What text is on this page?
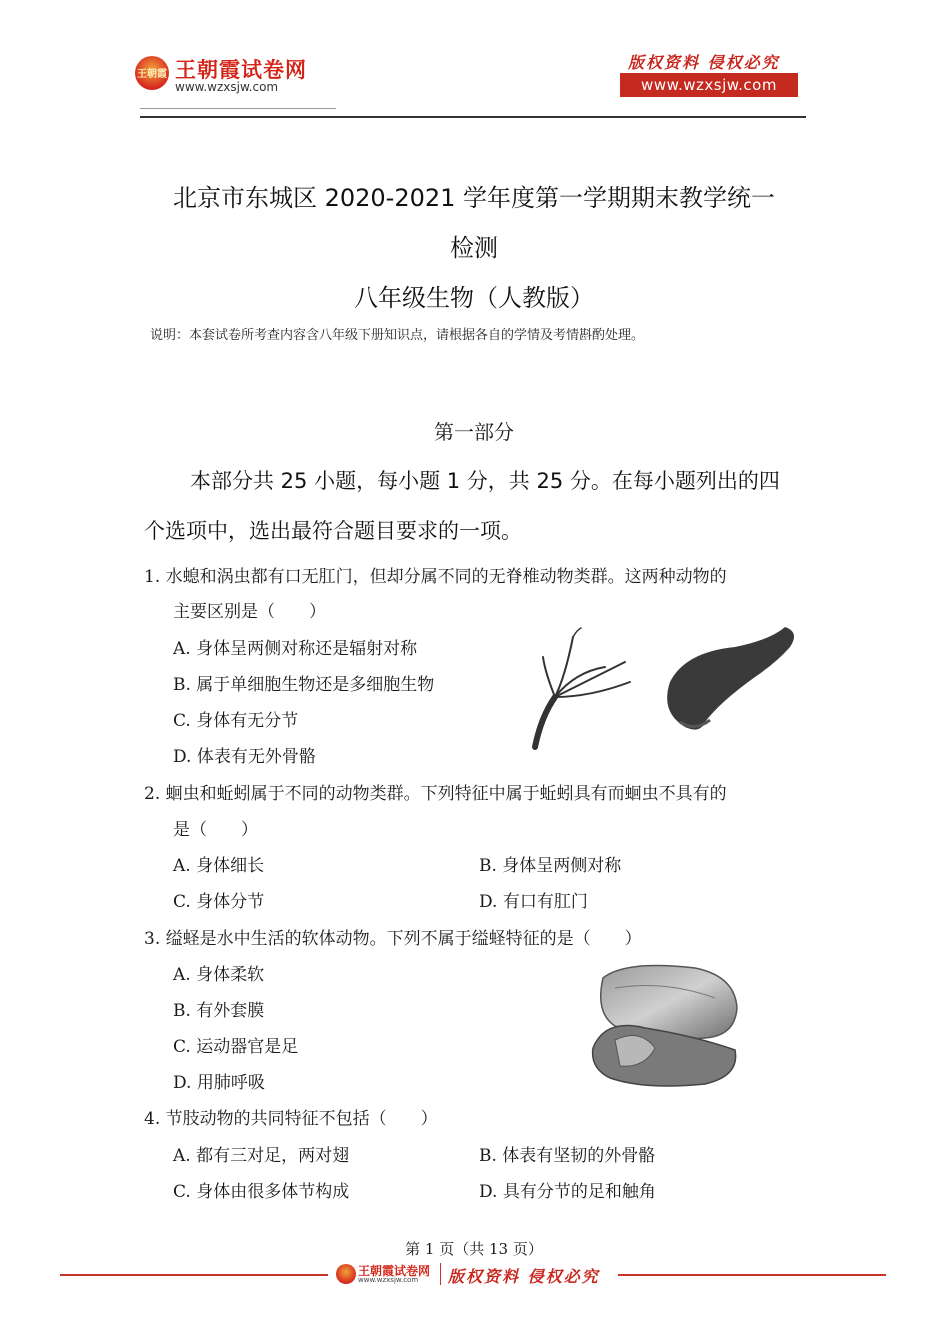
王朝霞 王朝霞试卷网
www.wzxsjw.com
版权资料 侵权必究
www.wzxsjw.com
北京市东城区 2020-2021 学年度第一学期期末教学统一
检测
八年级生物（人教版）
说明：本套试卷所考查内容含八年级下册知识点，请根据各自的学情及考情斟酌处理。
第一部分
本部分共 25 小题，每小题 1 分，共 25 分。在每小题列出的四
个选项中，选出最符合题目要求的一项。
1. 水螅和涡虫都有口无肛门，但却分属不同的无脊椎动物类群。这两种动物的
主要区别是（　　）
A. 身体呈两侧对称还是辐射对称
B. 属于单细胞生物还是多细胞生物
C. 身体有无分节
D. 体表有无外骨骼
2. 蛔虫和蚯蚓属于不同的动物类群。下列特征中属于蚯蚓具有而蛔虫不具有的
是（　　）
A. 身体细长	B. 身体呈两侧对称
C. 身体分节	D. 有口有肛门
3. 缢蛏是水中生活的软体动物。下列不属于缢蛏特征的是（　　）
A. 身体柔软
B. 有外套膜
C. 运动器官是足
D. 用肺呼吸
4. 节肢动物的共同特征不包括（　　）
A. 都有三对足，两对翅	B. 体表有坚韧的外骨骼
C. 身体由很多体节构成	D. 具有分节的足和触角
第 1 页（共 13 页）
王朝霞试卷网
www.wzxsjw.com 版权资料 侵权必究
